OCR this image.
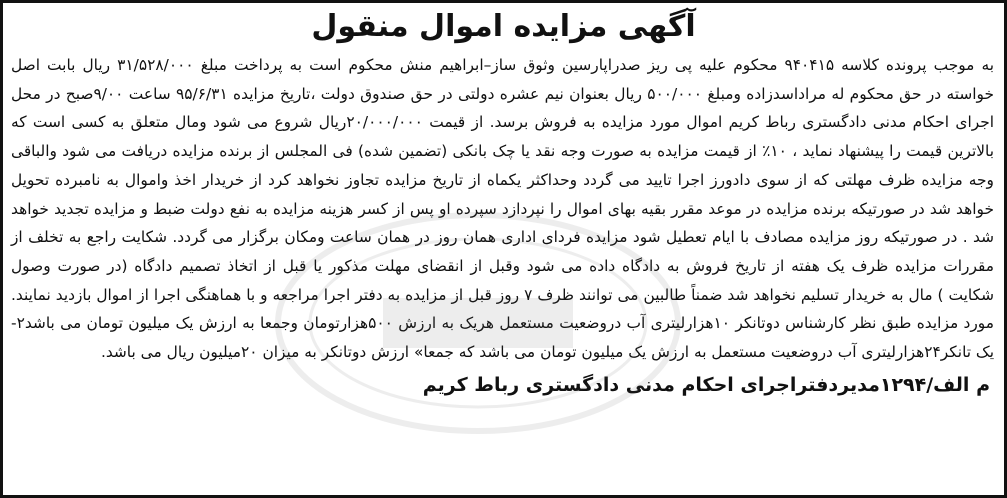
آگهی مزایده اموال منقول

به موجب پرونده کلاسه ۹۴۰۴۱۵ محکوم علیه پی ریز صدراپارسین وثوق ساز–ابراهیم منش محکوم است به پرداخت مبلغ ۳۱/۵۲۸/۰۰۰ ریال بابت اصل خواسته در حق محکوم له مراداسدزاده ومبلغ ۵۰۰/۰۰۰ ریال بعنوان نیم عشره دولتی در حق صندوق دولت ،تاریخ مزایده ۹۵/۶/۳۱ ساعت ۹/۰۰صبح در محل اجرای احکام مدنی دادگستری رباط کریم اموال مورد مزایده به فروش برسد. از قیمت ۲۰/۰۰۰/۰۰۰ریال شروع می شود ومال متعلق به کسی است که بالاترین قیمت را پیشنهاد نماید ، ۱۰٪ از قیمت مزایده به صورت وجه نقد یا چک بانکی (تضمین شده) فی المجلس از برنده مزایده دریافت می شود والباقی وجه مزایده ظرف مهلتی که از سوی دادورز اجرا تایید می گردد وحداکثر یکماه از تاریخ مزایده تجاوز نخواهد کرد از خریدار اخذ واموال به نامبرده تحویل خواهد شد در صورتیکه برنده مزایده در موعد مقرر بقیه بهای اموال را نپردازد سپرده او پس از کسر هزینه مزایده به نفع دولت ضبط و مزایده تجدید خواهد شد . در صورتیکه روز مزایده مصادف با ایام تعطیل شود مزایده فردای اداری همان روز در همان ساعت ومکان برگزار می گردد. شکایت راجع به تخلف از مقررات مزایده ظرف یک هفته از تاریخ فروش به دادگاه داده می شود وقبل از انقضای مهلت مذکور یا قبل از اتخاذ تصمیم دادگاه (در صورت وصول شکایت ) مال به خریدار تسلیم نخواهد شد ضمناً طالبین می توانند ظرف ۷ روز قبل از مزایده به دفتر اجرا مراجعه و با هماهنگی اجرا از اموال بازدید نمایند. مورد مزایده طبق نظر کارشناس دوتانکر ۱۰هزارلیتری آب دروضعیت مستعمل هریک به ارزش ۵۰۰هزارتومان وجمعا به ارزش یک میلیون تومان می باشد۲- یک تانکر۲۴هزارلیتری آب دروضعیت مستعمل به ارزش یک میلیون تومان می باشد که جمعا» ارزش دوتانکر به میزان ۲۰میلیون ریال می باشد.

م الف/۱۲۹۴مدیردفتراجرای احکام مدنی دادگستری رباط کریم
